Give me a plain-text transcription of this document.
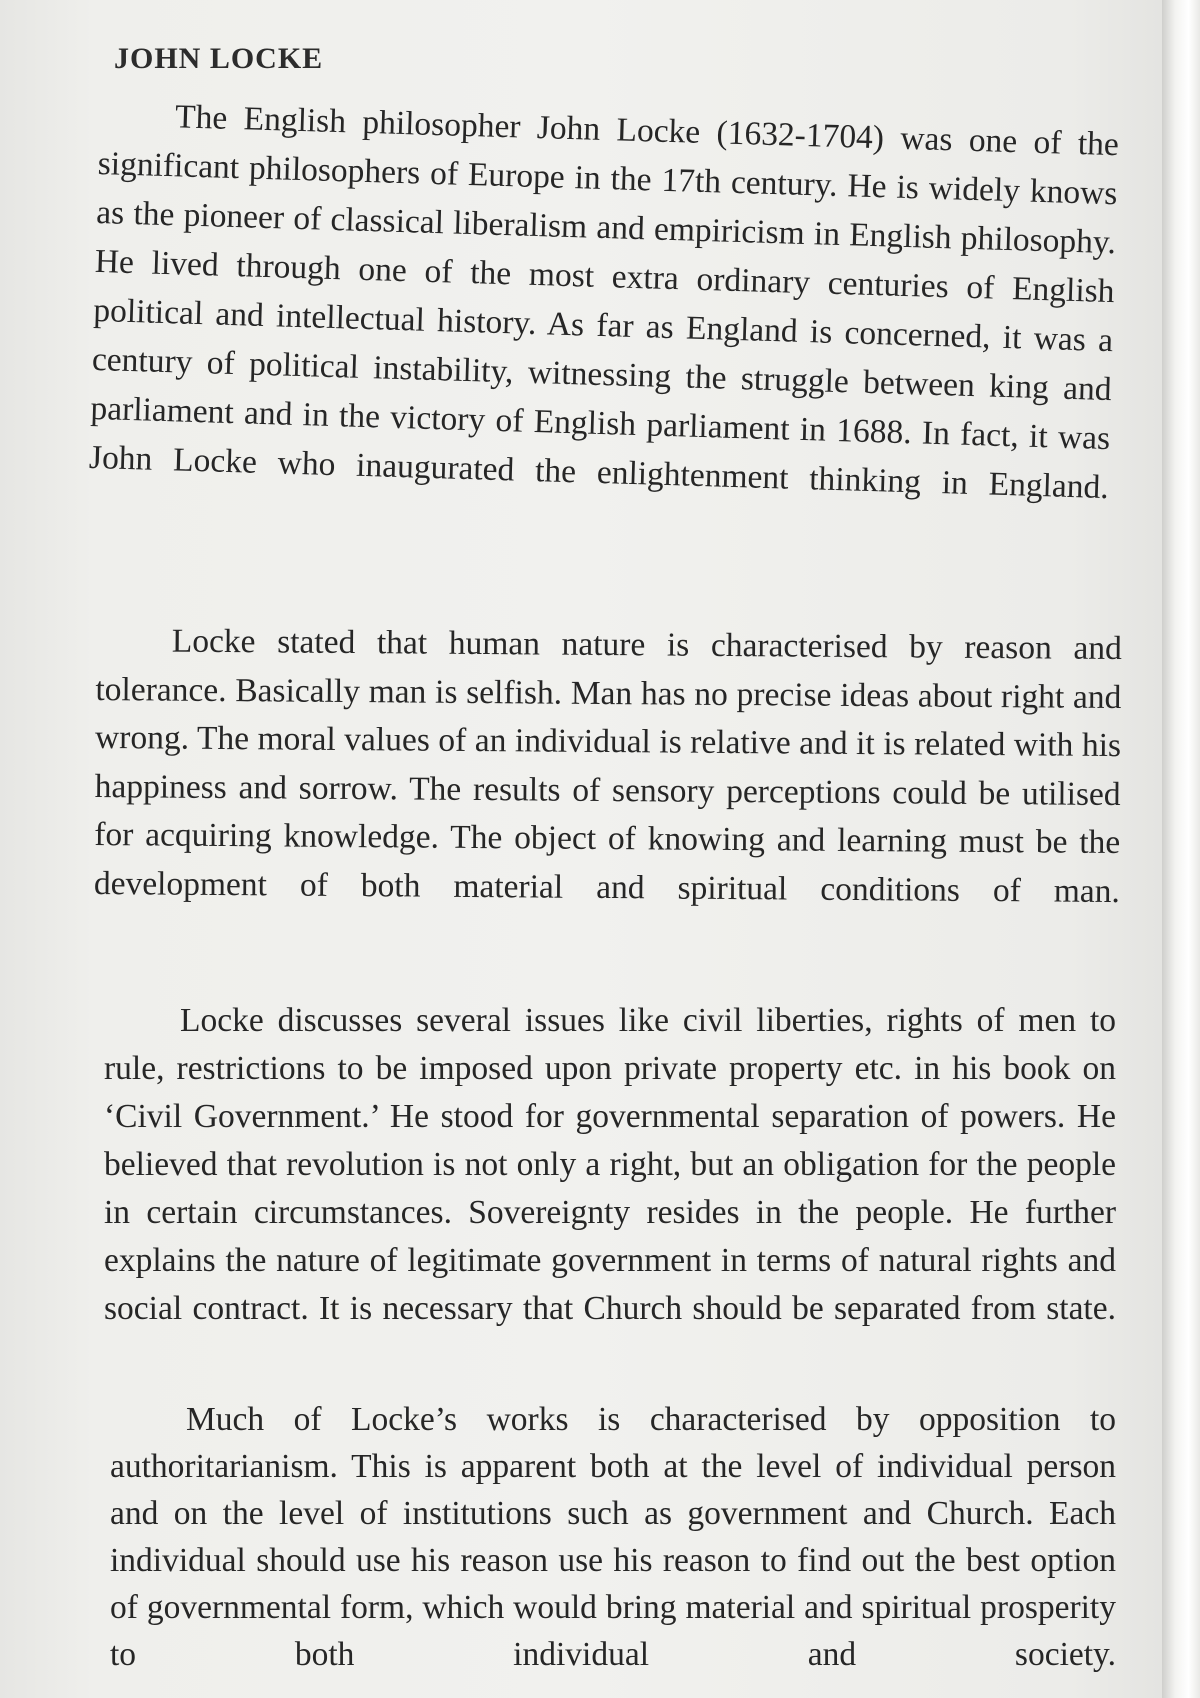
JOHN LOCKE

The English philosopher John Locke (1632-1704) was one of the significant philosophers of Europe in the 17th century. He is widely knows as the pioneer of classical liberalism and empiricism in English philosophy. He lived through one of the most extra ordinary centuries of English political and intellectual history. As far as England is concerned, it was a century of political instability, witnessing the struggle between king and parliament and in the victory of English parliament in 1688. In fact, it was John Locke who inaugurated the enlightenment thinking in England.

Locke stated that human nature is characterised by reason and tolerance. Basically man is selfish. Man has no precise ideas about right and wrong. The moral values of an individual is relative and it is related with his happiness and sorrow. The results of sensory perceptions could be utilised for acquiring knowledge. The object of knowing and learning must be the development of both material and spiritual conditions of man.

Locke discusses several issues like civil liberties, rights of men to rule, restrictions to be imposed upon private property etc. in his book on ‘Civil Government.’ He stood for governmental separation of powers. He believed that revolution is not only a right, but an obligation for the people in certain circumstances. Sovereignty resides in the people. He further explains the nature of legitimate government in terms of natural rights and social contract. It is necessary that Church should be separated from state.

Much of Locke’s works is characterised by opposition to authoritarianism. This is apparent both at the level of individual person and on the level of institutions such as government and Church. Each individual should use his reason use his reason to find out the best option of governmental form, which would bring material and spiritual prosperity to both individual and society.
